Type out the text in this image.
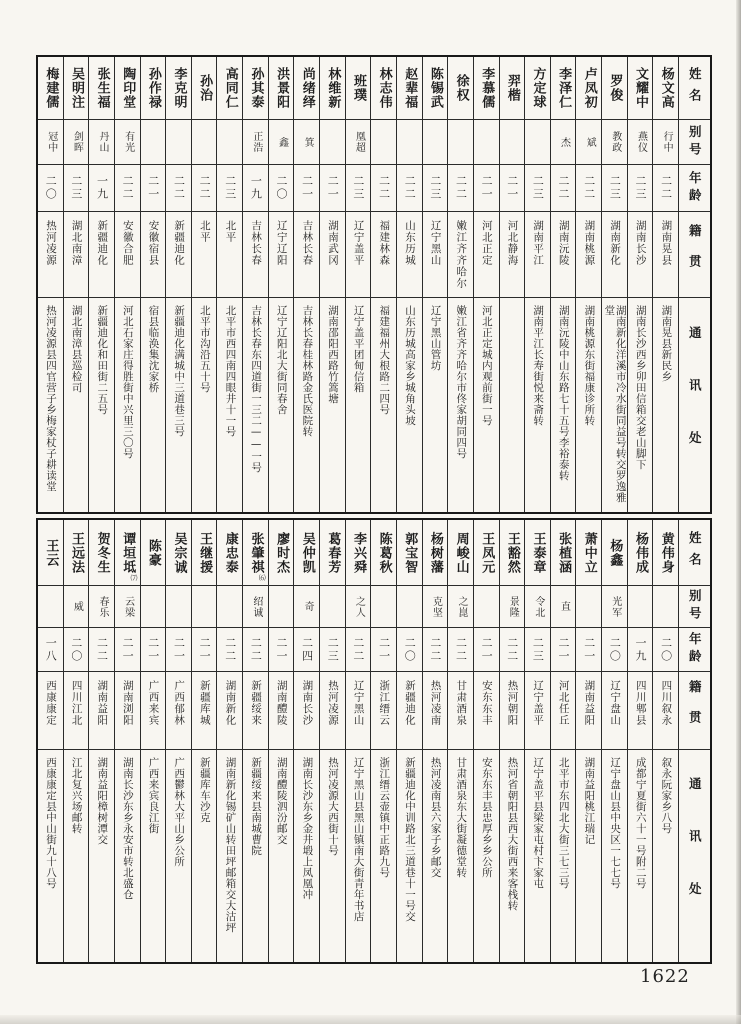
姓名
别号
年龄
籍贯
通讯处
杨文高
行中
二二
湖南晃县
湖南晃县新民乡
文耀中
燕仪
二三
湖南长沙
湖南长沙西乡卯田信箱交老山脚下
罗俊
教政
二三
湖南新化
湖南新化洋溪市冷水街同益号转交罗逸雅堂
卢凤初
斌
二二
湖南桃源
湖南桃源东街福康诊所转
李泽仁
杰
二二
湖南沅陵
湖南沅陵中山东路七十五号李裕泰转
方定球
二三
湖南平江
湖南平江长寿街悦来斋转
羿楷
二一
河北静海
李慕儒
二一
河北正定
河北正定城内观前街一号
徐权
二二
嫩江齐齐哈尔
嫩江省齐齐哈尔市佟家胡同四号
陈锡武
二三
辽宁黑山
辽宁黑山管坊
赵辈福
二二
山东历城
山东历城高家乡城角头坡
林志伟
二二
福建林森
福建福州大根路二四号
班璞
凰超
二三
辽宁盖平
辽宁盖平团甸信箱
林维新
二一
湖南武冈
湖南邵阳西路竹篙塘
尚绪绎
箕
二一
吉林长春
吉林长春桂林路金氏医院转
洪景阳
鑫
二〇
辽宁辽阳
辽宁辽阳北大街同春舍
孙其泰
正浩
一九
吉林长春
吉林长春东四道街一三二——一号
高同仁
二三
北平
北平市西四南四眼井十一号
孙治
二二
北平
北平市沟沿五十号
李克明
二二
新疆迪化
新疆迪化满城中三道巷三号
孙作禄
二一
安徽宿县
宿县临涣集沈家桥
陶印堂
有光
二二
安徽合肥
河北石家庄得胜街中兴里三〇号
张生福
丹山
一九
新疆迪化
新疆迪化和田街二五号
吴明注
剑晖
二三
湖北南漳
湖北南漳县巡检司
梅建儒
冠中
二〇
热河凌源
热河凌源县四官营子乡梅家杖子耕读堂
姓名
别号
年龄
籍贯
通讯处
黄伟身
二〇
四川叙永
叙永阮家乡八号
杨伟成
一九
四川郫县
成都宁夏街六十一号附二号
杨鑫
光军
二〇
辽宁盘山
辽宁盘山县中央区一七七号
萧中立
二一
湖南益阳
湖南益阳桃江瑞记
张植涵
直
二一
河北任丘
北平市东四北大街三七三号
王泰章
令北
二三
辽宁盖平
辽宁盖平县梁家屯村卞家屯
王豁然
景隆
二二
热河朝阳
热河省朝阳县西大街西来客栈转
王凤元
二一
安东东丰
安东东丰县忠厚乡乡公所
周峻山
之崑
二二
甘肃酒泉
甘肃酒泉东大街凝德堂转
杨树藩
克坚
二二
热河凌南
热河凌南县六家子乡邮交
郭宝智
二〇
新疆迪化
新疆迪化中训路北三道巷十一号交
陈葛秋
二一
浙江缙云
浙江缙云壶镇中正路九号
李兴舜
之人
二二
辽宁黑山
辽宁黑山县黑山镇南大街青年书店
葛春芳
二三
热河凌源
热河凌源大西街十号
吴仲凯
奇
二四
湖南长沙
湖南长沙东乡金井塅上凤凰冲
廖时杰
二一
湖南醴陵
湖南醴陵泗汾邮交
张肇祺
⑹
绍诚
二二
新疆绥来
新疆绥来县南城曹院
康忠泰
二二
湖南新化
湖南新化锡矿山转田坪邮箱交大沽坪
王继援
二一
新疆库城
新疆库车沙克
吴宗诚
二一
广西郁林
广西鬱林大平山乡公所
陈豪
二一
广西来宾
广西来宾良江街
谭垣坻
⑺
云梁
二一
湖南浏阳
湖南长沙东乡永安市转北盛仓
贺冬生
春乐
二二
湖南益阳
湖南益阳樟树潭交
王远法
威
二〇
四川江北
江北复兴场邮转
王云
一八
西康康定
西康康定县中山街九十八号
1622
